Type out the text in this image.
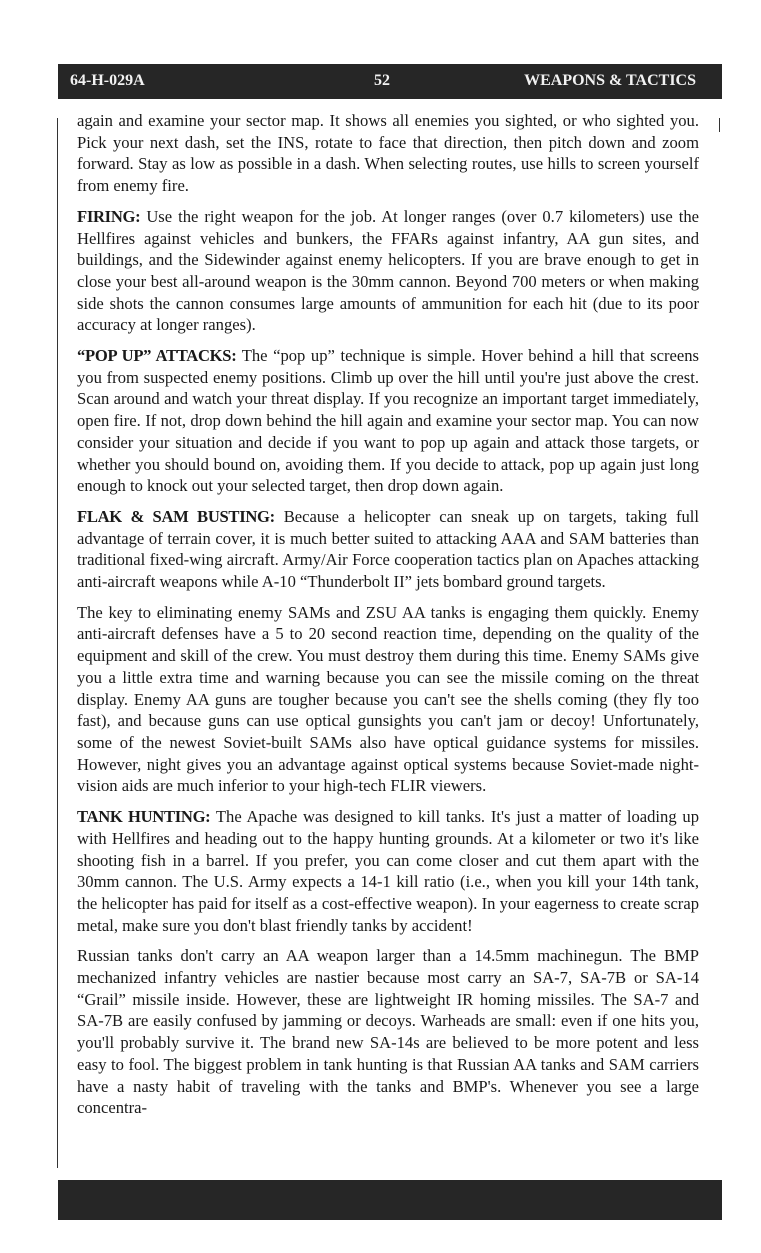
64-H-029A	52	WEAPONS & TACTICS

again and examine your sector map. It shows all enemies you sighted, or who sighted you. Pick your next dash, set the INS, rotate to face that direction, then pitch down and zoom forward. Stay as low as possible in a dash. When selecting routes, use hills to screen yourself from enemy fire.

FIRING: Use the right weapon for the job. At longer ranges (over 0.7 kilometers) use the Hellfires against vehicles and bunkers, the FFARs against infantry, AA gun sites, and buildings, and the Sidewinder against enemy helicopters. If you are brave enough to get in close your best all-around weapon is the 30mm cannon. Beyond 700 meters or when making side shots the cannon consumes large amounts of ammunition for each hit (due to its poor accuracy at longer ranges).

“POP UP” ATTACKS: The “pop up” technique is simple. Hover behind a hill that screens you from suspected enemy positions. Climb up over the hill until you're just above the crest. Scan around and watch your threat display. If you recognize an important target immediately, open fire. If not, drop down behind the hill again and examine your sector map. You can now consider your situation and decide if you want to pop up again and attack those targets, or whether you should bound on, avoiding them. If you decide to attack, pop up again just long enough to knock out your selected target, then drop down again.

FLAK & SAM BUSTING: Because a helicopter can sneak up on targets, taking full advantage of terrain cover, it is much better suited to attacking AAA and SAM batteries than traditional fixed-wing aircraft. Army/Air Force cooperation tactics plan on Apaches attacking anti-aircraft weapons while A-10 “Thunderbolt II” jets bombard ground targets.

The key to eliminating enemy SAMs and ZSU AA tanks is engaging them quickly. Enemy anti-aircraft defenses have a 5 to 20 second reaction time, depending on the quality of the equipment and skill of the crew. You must destroy them during this time. Enemy SAMs give you a little extra time and warning because you can see the missile coming on the threat display. Enemy AA guns are tougher because you can't see the shells coming (they fly too fast), and because guns can use optical gunsights you can't jam or decoy! Unfortunately, some of the newest Soviet-built SAMs also have optical guidance systems for missiles. However, night gives you an advantage against optical systems because Soviet-made night-vision aids are much inferior to your high-tech FLIR viewers.

TANK HUNTING: The Apache was designed to kill tanks. It's just a matter of loading up with Hellfires and heading out to the happy hunting grounds. At a kilometer or two it's like shooting fish in a barrel. If you prefer, you can come closer and cut them apart with the 30mm cannon. The U.S. Army expects a 14-1 kill ratio (i.e., when you kill your 14th tank, the helicopter has paid for itself as a cost-effective weapon). In your eagerness to create scrap metal, make sure you don't blast friendly tanks by accident!

Russian tanks don't carry an AA weapon larger than a 14.5mm machinegun. The BMP mechanized infantry vehicles are nastier because most carry an SA-7, SA-7B or SA-14 “Grail” missile inside. However, these are lightweight IR homing missiles. The SA-7 and SA-7B are easily confused by jamming or decoys. Warheads are small: even if one hits you, you'll probably survive it. The brand new SA-14s are believed to be more potent and less easy to fool. The biggest problem in tank hunting is that Russian AA tanks and SAM carriers have a nasty habit of traveling with the tanks and BMP's. Whenever you see a large concentra-
